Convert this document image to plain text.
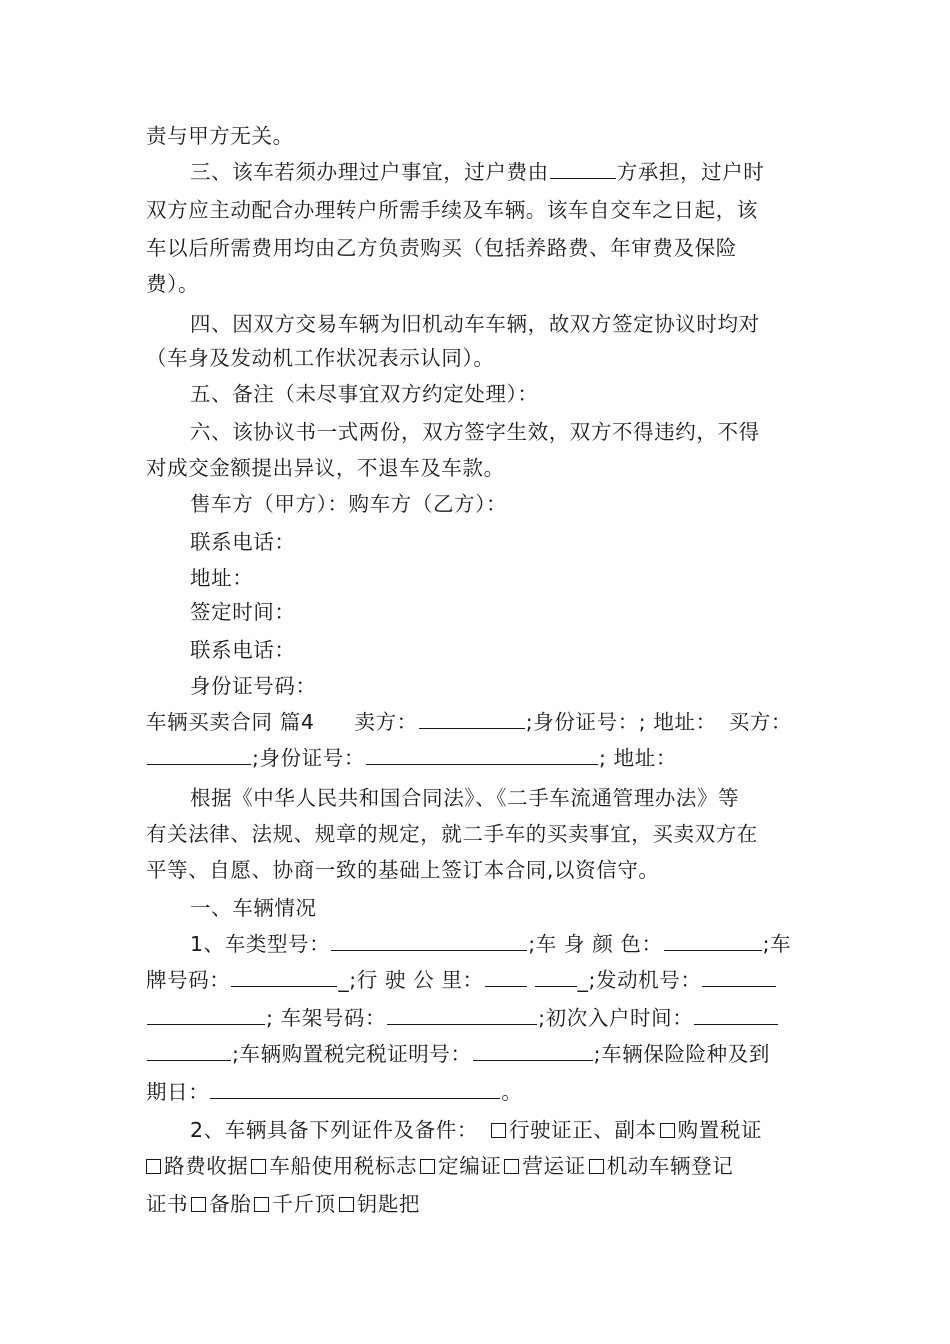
责与甲方无关。
三、该车若须办理过户事宜，过户费由	方承担，过户时
双方应主动配合办理转户所需手续及车辆。该车自交车之日起，该
车以后所需费用均由乙方负责购买（包括养路费、年审费及保险
费）。
四、因双方交易车辆为旧机动车车辆，故双方签定协议时均对
（车身及发动机工作状况表示认同）。
五、备注（未尽事宜双方约定处理）：
六、该协议书一式两份，双方签字生效，双方不得违约，不得
对成交金额提出异议，不退车及车款。
售车方（甲方）：购车方（乙方）：
联系电话：
地址：
签定时间：
联系电话：
身份证号码：
车辆买卖合同 篇4 卖方：	;身份证号：; 地址： 买方：
;身份证号：	; 地址：
根据《中华人民共和国合同法》、《二手车流通管理办法》等
有关法律、法规、规章的规定，就二手车的买卖事宜，买卖双方在
平等、自愿、协商一致的基础上签订本合同,以资信守。
一、车辆情况
1、车类型号：	;车 身 颜 色：	;车
牌号码：	_;行 驶 公 里：	_;发动机号：
; 车架号码：	;初次入户时间：
;车辆购置税完税证明号：	;车辆保险险种及到
期日：	。
2、车辆具备下列证件及备件： 行驶证正、副本 购置税证
路费收据 车船使用税标志 定编证 营运证 机动车辆登记
证书 备胎 千斤顶 钥匙把
